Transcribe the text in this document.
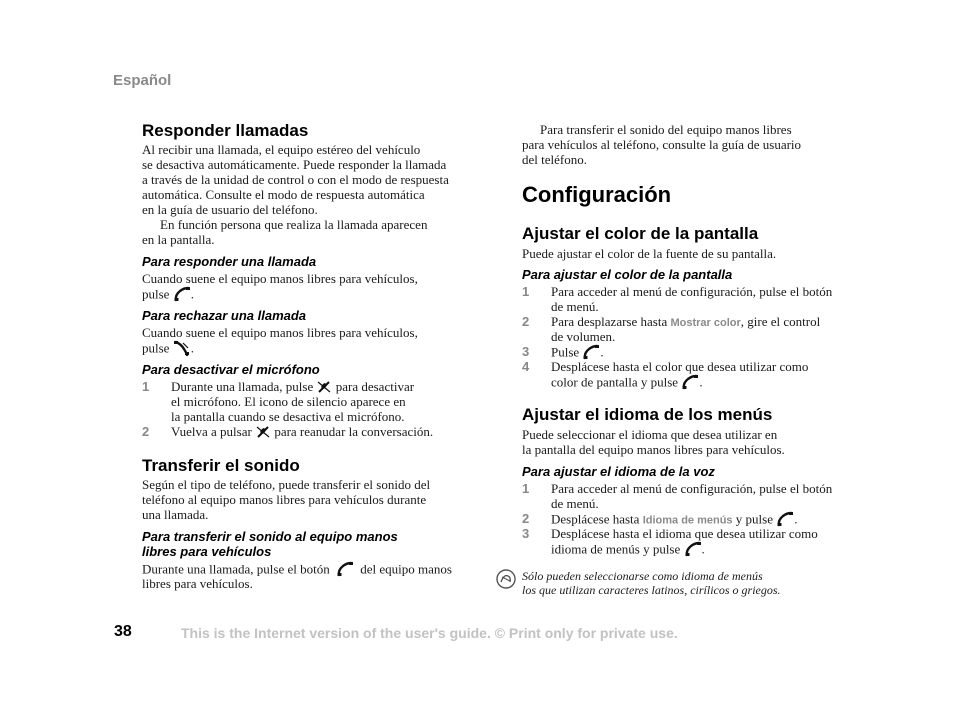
Español
Responder llamadas
Al recibir una llamada, el equipo estéreo del vehículo
se desactiva automáticamente. Puede responder la llamada
a través de la unidad de control o con el modo de respuesta
automática. Consulte el modo de respuesta automática
en la guía de usuario del teléfono.
En función persona que realiza la llamada aparecen
en la pantalla.
Para responder una llamada
Cuando suene el equipo manos libres para vehículos,
pulse .
Para rechazar una llamada
Cuando suene el equipo manos libres para vehículos,
pulse .
Para desactivar el micrófono
1 Durante una llamada, pulse para desactivar
el micrófono. El icono de silencio aparece en
la pantalla cuando se desactiva el micrófono.
2 Vuelva a pulsar para reanudar la conversación.
Transferir el sonido
Según el tipo de teléfono, puede transferir el sonido del
teléfono al equipo manos libres para vehículos durante
una llamada.
Para transferir el sonido al equipo manos
libres para vehículos
Durante una llamada, pulse el botón del equipo manos
libres para vehículos.
Para transferir el sonido del equipo manos libres
para vehículos al teléfono, consulte la guía de usuario
del teléfono.
Configuración
Ajustar el color de la pantalla
Puede ajustar el color de la fuente de su pantalla.
Para ajustar el color de la pantalla
1 Para acceder al menú de configuración, pulse el botón
de menú.
2 Para desplazarse hasta Mostrar color, gire el control
de volumen.
3 Pulse .
4 Desplácese hasta el color que desea utilizar como
color de pantalla y pulse .
Ajustar el idioma de los menús
Puede seleccionar el idioma que desea utilizar en
la pantalla del equipo manos libres para vehículos.
Para ajustar el idioma de la voz
1 Para acceder al menú de configuración, pulse el botón
de menú.
2 Desplácese hasta Idioma de menús y pulse .
3 Desplácese hasta el idioma que desea utilizar como
idioma de menús y pulse .
Sólo pueden seleccionarse como idioma de menús
los que utilizan caracteres latinos, cirílicos o griegos.
38	This is the Internet version of the user's guide. © Print only for private use.
